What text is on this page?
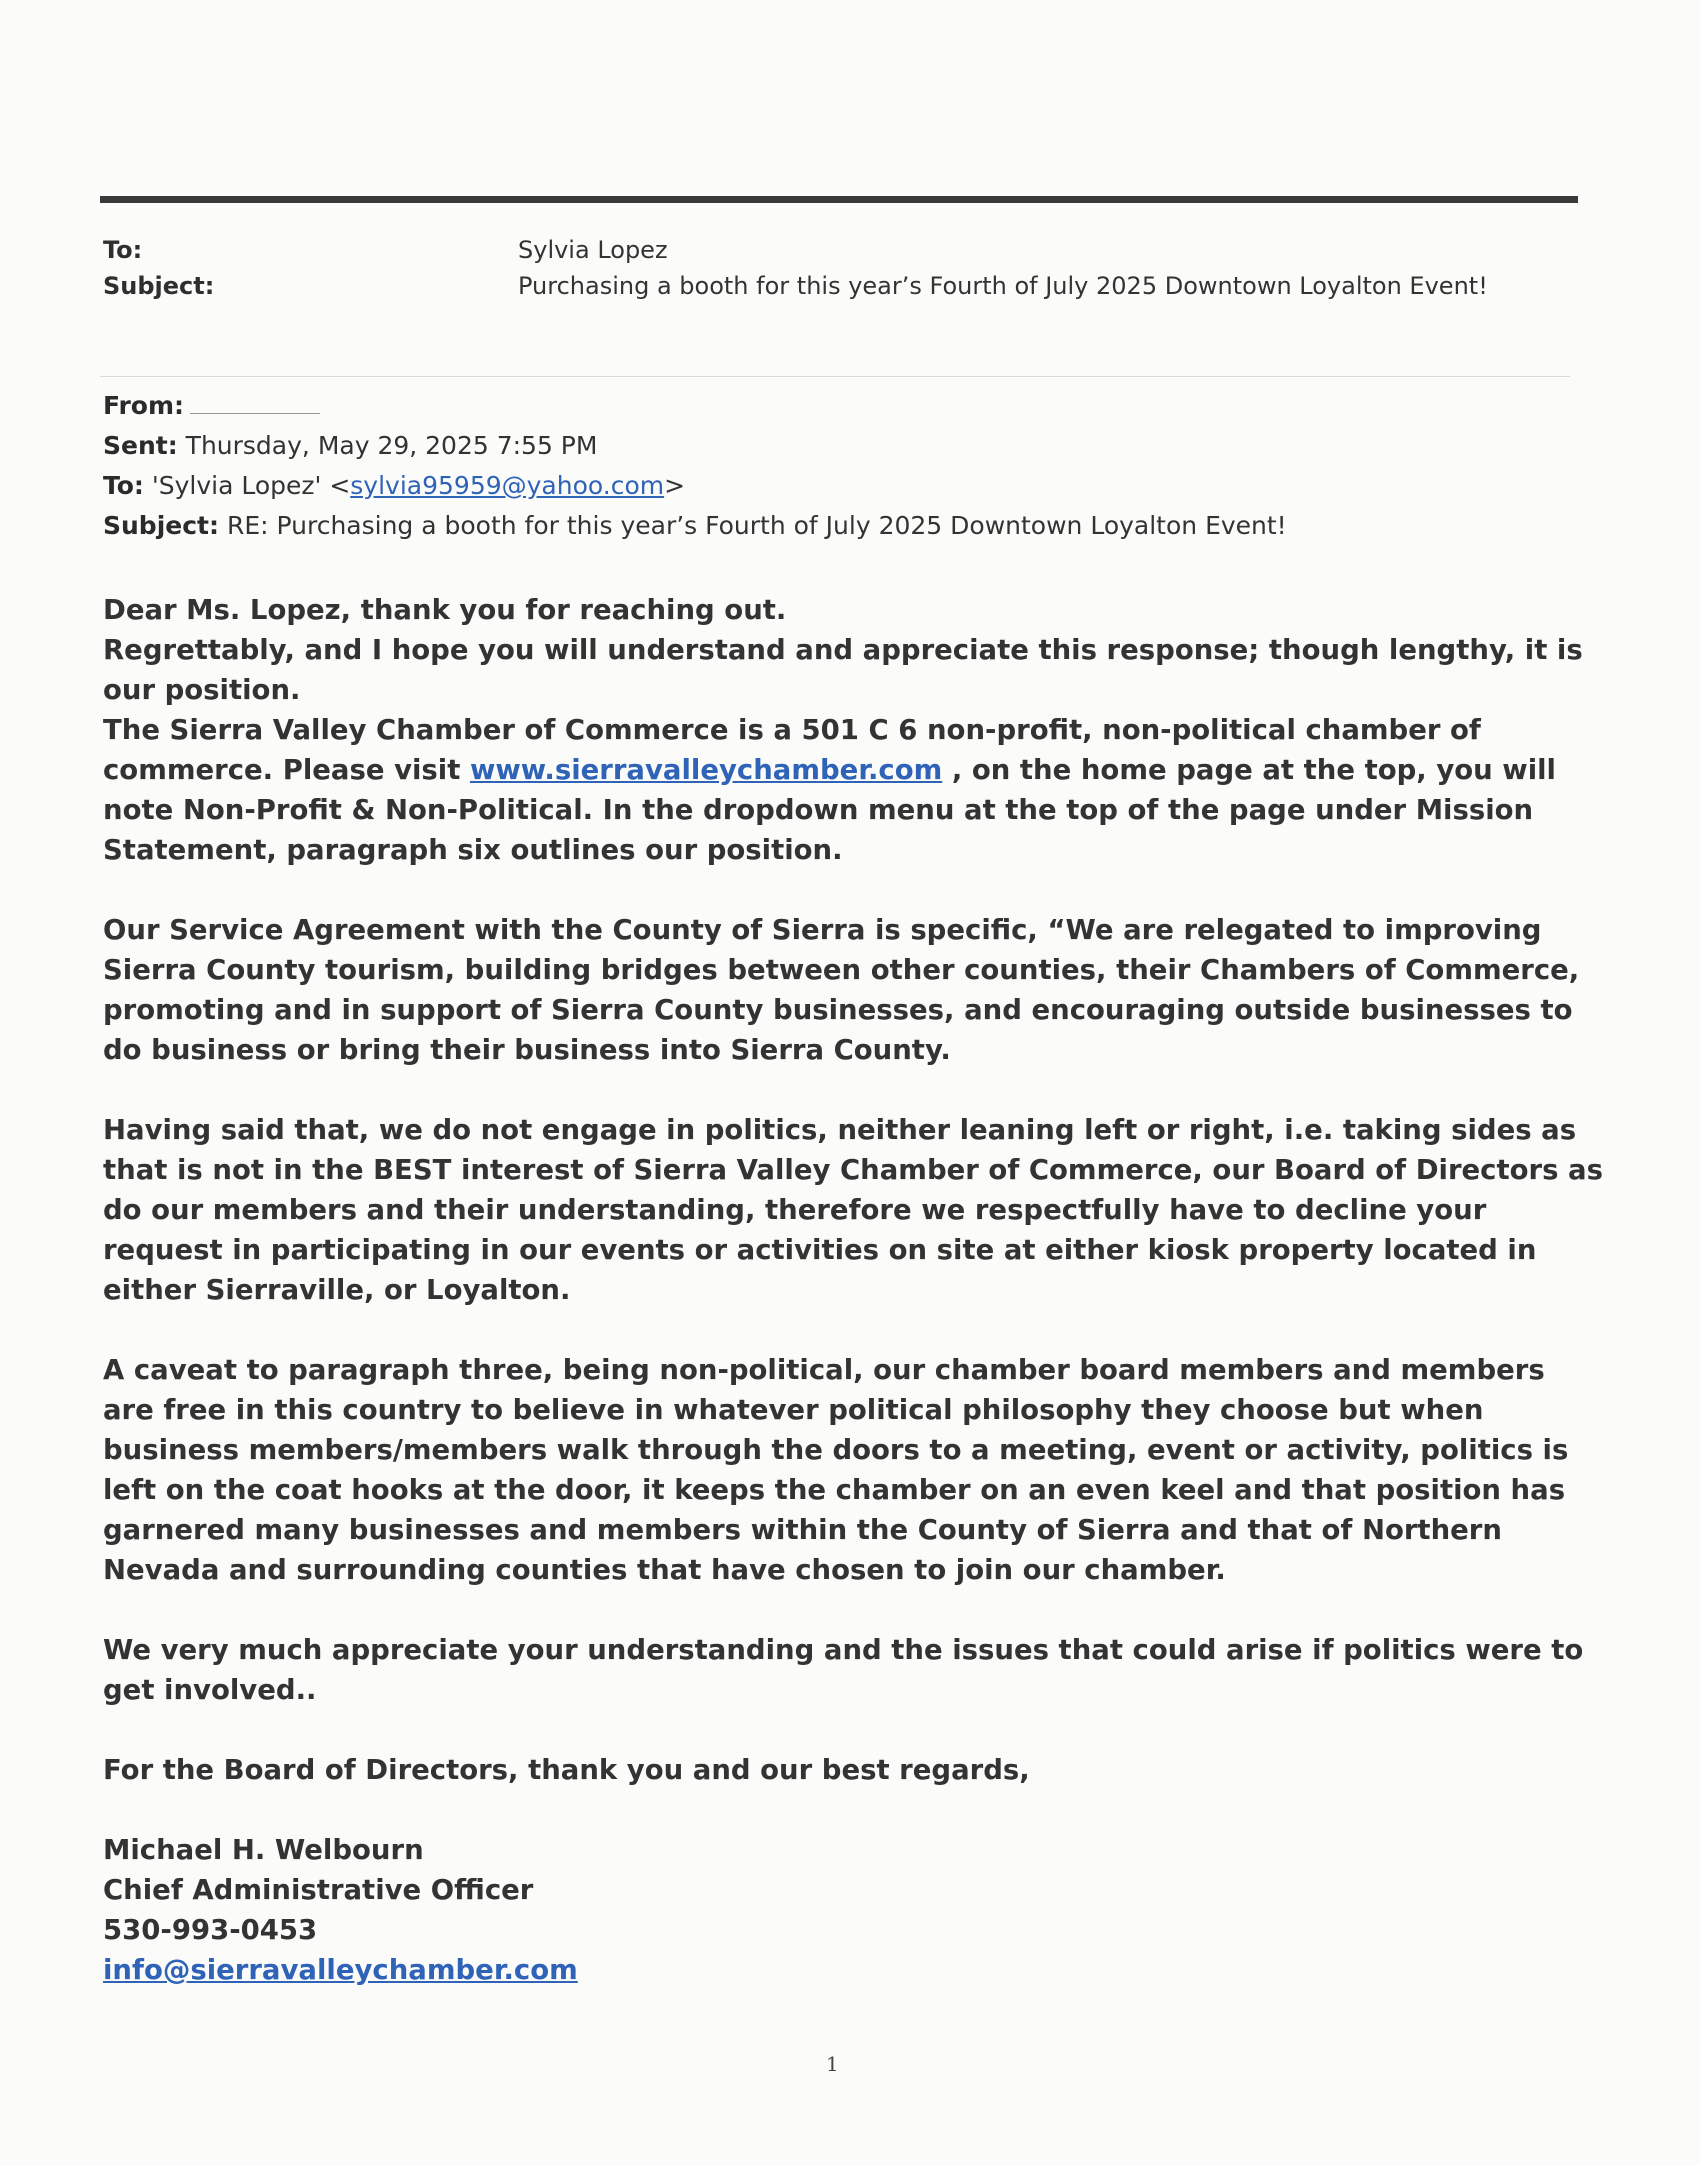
To:	Sylvia Lopez
Subject:	Purchasing a booth for this year’s Fourth of July 2025 Downtown Loyalton Event!
From:
Sent: Thursday, May 29, 2025 7:55 PM
To: 'Sylvia Lopez' <sylvia95959@yahoo.com>
Subject: RE: Purchasing a booth for this year’s Fourth of July 2025 Downtown Loyalton Event!

Dear Ms. Lopez, thank you for reaching out.

Regrettably, and I hope you will understand and appreciate this response; though lengthy, it is our position.

The Sierra Valley Chamber of Commerce is a 501 C 6 non-profit, non-political chamber of commerce. Please visit www.sierravalleychamber.com , on the home page at the top, you will note Non-Profit & Non-Political. In the dropdown menu at the top of the page under Mission Statement, paragraph six outlines our position.

Our Service Agreement with the County of Sierra is specific, “We are relegated to improving Sierra County tourism, building bridges between other counties, their Chambers of Commerce, promoting and in support of Sierra County businesses, and encouraging outside businesses to do business or bring their business into Sierra County.

Having said that, we do not engage in politics, neither leaning left or right, i.e. taking sides as that is not in the BEST interest of Sierra Valley Chamber of Commerce, our Board of Directors as do our members and their understanding, therefore we respectfully have to decline your request in participating in our events or activities on site at either kiosk property located in either Sierraville, or Loyalton.

A caveat to paragraph three, being non-political, our chamber board members and members are free in this country to believe in whatever political philosophy they choose but when business members/members walk through the doors to a meeting, event or activity, politics is left on the coat hooks at the door, it keeps the chamber on an even keel and that position has garnered many businesses and members within the County of Sierra and that of Northern Nevada and surrounding counties that have chosen to join our chamber.

We very much appreciate your understanding and the issues that could arise if politics were to get involved..

For the Board of Directors, thank you and our best regards,

Michael H. Welbourn

Chief Administrative Officer

530-993-0453

info@sierravalleychamber.com

1
